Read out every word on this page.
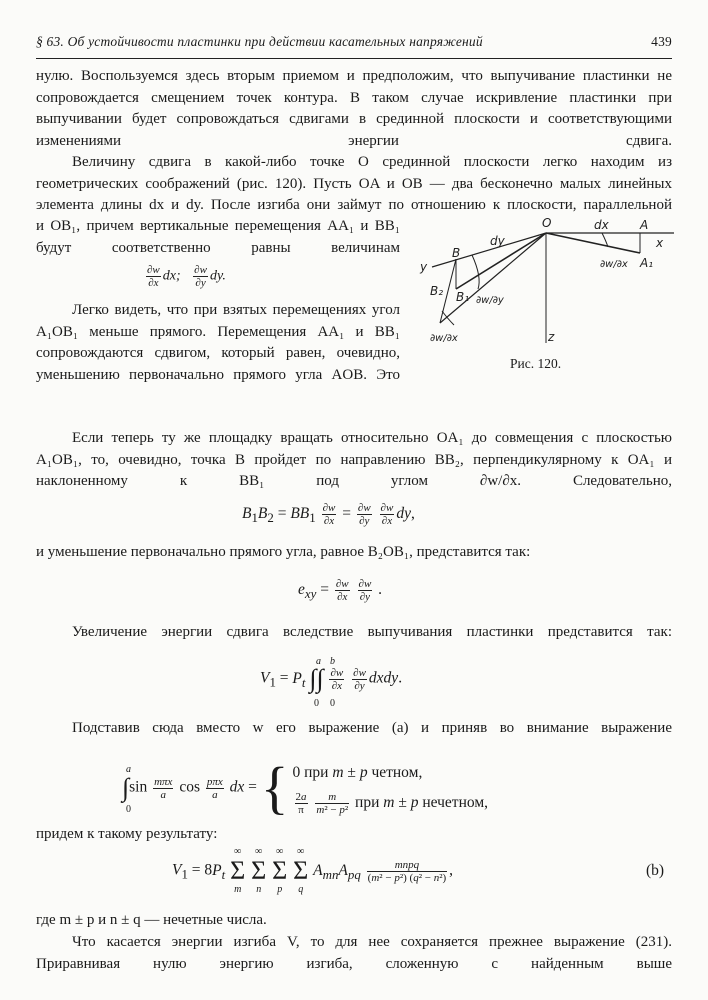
§ 63. Об устойчивости пластинки при действии касательных напряжений	439

нулю. Воспользуемся здесь вторым приемом и предположим, что выпучивание пластинки не сопровождается смещением точек контура. В таком случае искривление пластинки при выпучивании будет сопровождаться сдвигами в срединной плоскости и соответствующими изменениями энергии сдвига.

Величину сдвига в какой-либо точке O срединной плоскости легко находим из геометрических соображений (рис. 120). Пусть OA и OB — два бесконечно малых линейных элемента длины dx и dy. После изгиба они займут по отношению к плоскости, параллельной

и OB₁, причем вертикальные перемещения AA₁ и BB₁ будут соответственно равны величинам

$\frac{\partial w}{\partial x}$ dx; $\frac{\partial w}{\partial y}$ dy.

Легко видеть, что при взятых перемещениях угол A₁OB₁ меньше прямого. Перемещения AA₁ и BB₁ сопровождаются сдвигом, который равен, очевидно, уменьшению первоначально прямого угла AOB. Это

O	A
A₁
B
B₁
B₂
dx
dy	x
y
z
∂w/∂x
∂w/∂y
∂w/∂x
Рис. 120.

Если теперь ту же площадку вращать относительно OA₁ до совмещения с плоскостью A₁OB₁, то, очевидно, точка B пройдет по направлению BB₂, перпендикулярному к OA₁ и наклоненному к BB₁ под углом ∂w/∂x. Следовательно,

$B_1B_2 = BB_1 \frac{\partial w}{\partial x} = \frac{\partial w}{\partial y}$
$\frac{\partial w}{\partial x}$ dy,

и уменьшение первоначально прямого угла, равное B₂OB₁, представится так:

$e_{xy} = \frac{\partial w}{\partial x}$
$\frac{\partial w}{\partial y}$ .

Увеличение энергии сдвига вследствие выпучивания пластинки представится так:

$V_1 = P_t$ ∫∫ $\frac{\partial w}{\partial x}$
$\frac{\partial w}{\partial y}$ dxdy.
a b
0 0

Подставив сюда вместо w его выражение (a) и приняв во внимание выражение

$\int\sin \frac{\text{mπx}}{a}$ $\cos \frac{\text{pπx}}{a}$ dx = { 0 при m ± p четном,
$\frac{2a}{\pi}$
$\frac{m}{\text{m² − p²}}$ при m ± p нечетном,
a
0

придем к такому результату:

$V_1 = 8P_t$
∞
Σ
m

∞
Σ
n

∞
Σ
p

∞
Σ
q
$A_{mn}A_{pq} \frac{\text{mnpq}}{\text{(m² − p²) (q² − n²)}}$ ,	(b)

где m ± p и n ± q — нечетные числа.

Что касается энергии изгиба V, то для нее сохраняется прежнее выражение (231). Приравнивая нулю энергию изгиба, сложенную с найденным выше
